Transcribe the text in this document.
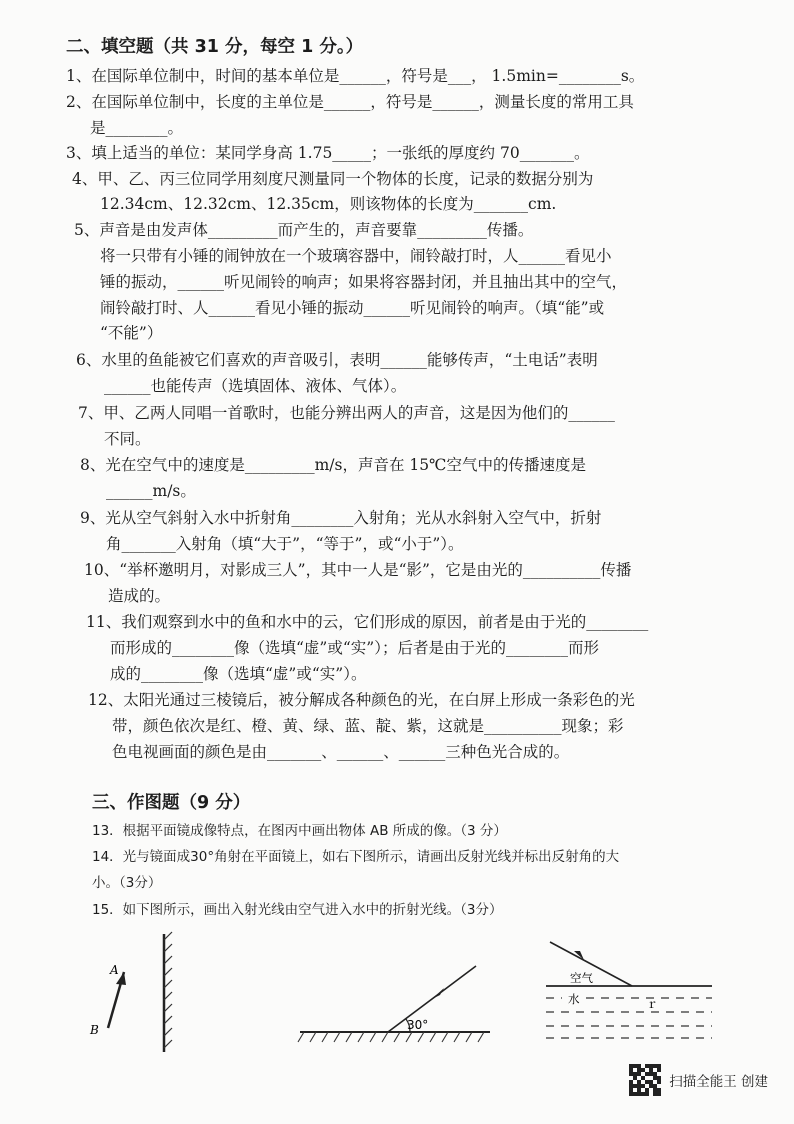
二、填空题（共 31 分，每空 1 分。）
1、在国际单位制中，时间的基本单位是______，符号是___， 1.5min=________s。
2、在国际单位制中，长度的主单位是______，符号是______，测量长度的常用工具
是________。
3、填上适当的单位：某同学身高 1.75_____；一张纸的厚度约 70_______。
4、甲、乙、丙三位同学用刻度尺测量同一个物体的长度，记录的数据分别为
12.34cm、12.32cm、12.35cm，则该物体的长度为_______cm.
5、声音是由发声体_________而产生的，声音要靠_________传播。
将一只带有小锤的闹钟放在一个玻璃容器中，闹铃敲打时，人______看见小
锤的振动，______听见闹铃的响声；如果将容器封闭，并且抽出其中的空气，
闹铃敲打时、人______看见小锤的振动______听见闹铃的响声。（填“能”或
“不能”）
6、水里的鱼能被它们喜欢的声音吸引，表明______能够传声，“土电话”表明
______也能传声（选填固体、液体、气体）。
7、甲、乙两人同唱一首歌时，也能分辨出两人的声音，这是因为他们的______
不同。
8、光在空气中的速度是_________m/s，声音在 15℃空气中的传播速度是
______m/s。
9、光从空气斜射入水中折射角________入射角；光从水斜射入空气中，折射
角_______入射角（填“大于”，“等于”，或“小于”）。
10、“举杯邀明月，对影成三人”，其中一人是“影”，它是由光的__________传播
造成的。
11、我们观察到水中的鱼和水中的云，它们形成的原因，前者是由于光的________
而形成的________像（选填“虚”或“实”）；后者是由于光的________而形
成的________像（选填“虚”或“实”）。
12、太阳光通过三棱镜后，被分解成各种颜色的光，在白屏上形成一条彩色的光
带，颜色依次是红、橙、黄、绿、蓝、靛、紫，这就是__________现象；彩
色电视画面的颜色是由_______、______、______三种色光合成的。
三、作图题（9 分）
13．根据平面镜成像特点，在图丙中画出物体 AB 所成的像。（3 分）
14．光与镜面成30°角射在平面镜上，如右下图所示，请画出反射光线并标出反射角的大
小。（3分）
15．如下图所示，画出入射光线由空气进入水中的折射光线。（3分）
A
B	30°
空气
水	ｒ
扫描全能王 创建
